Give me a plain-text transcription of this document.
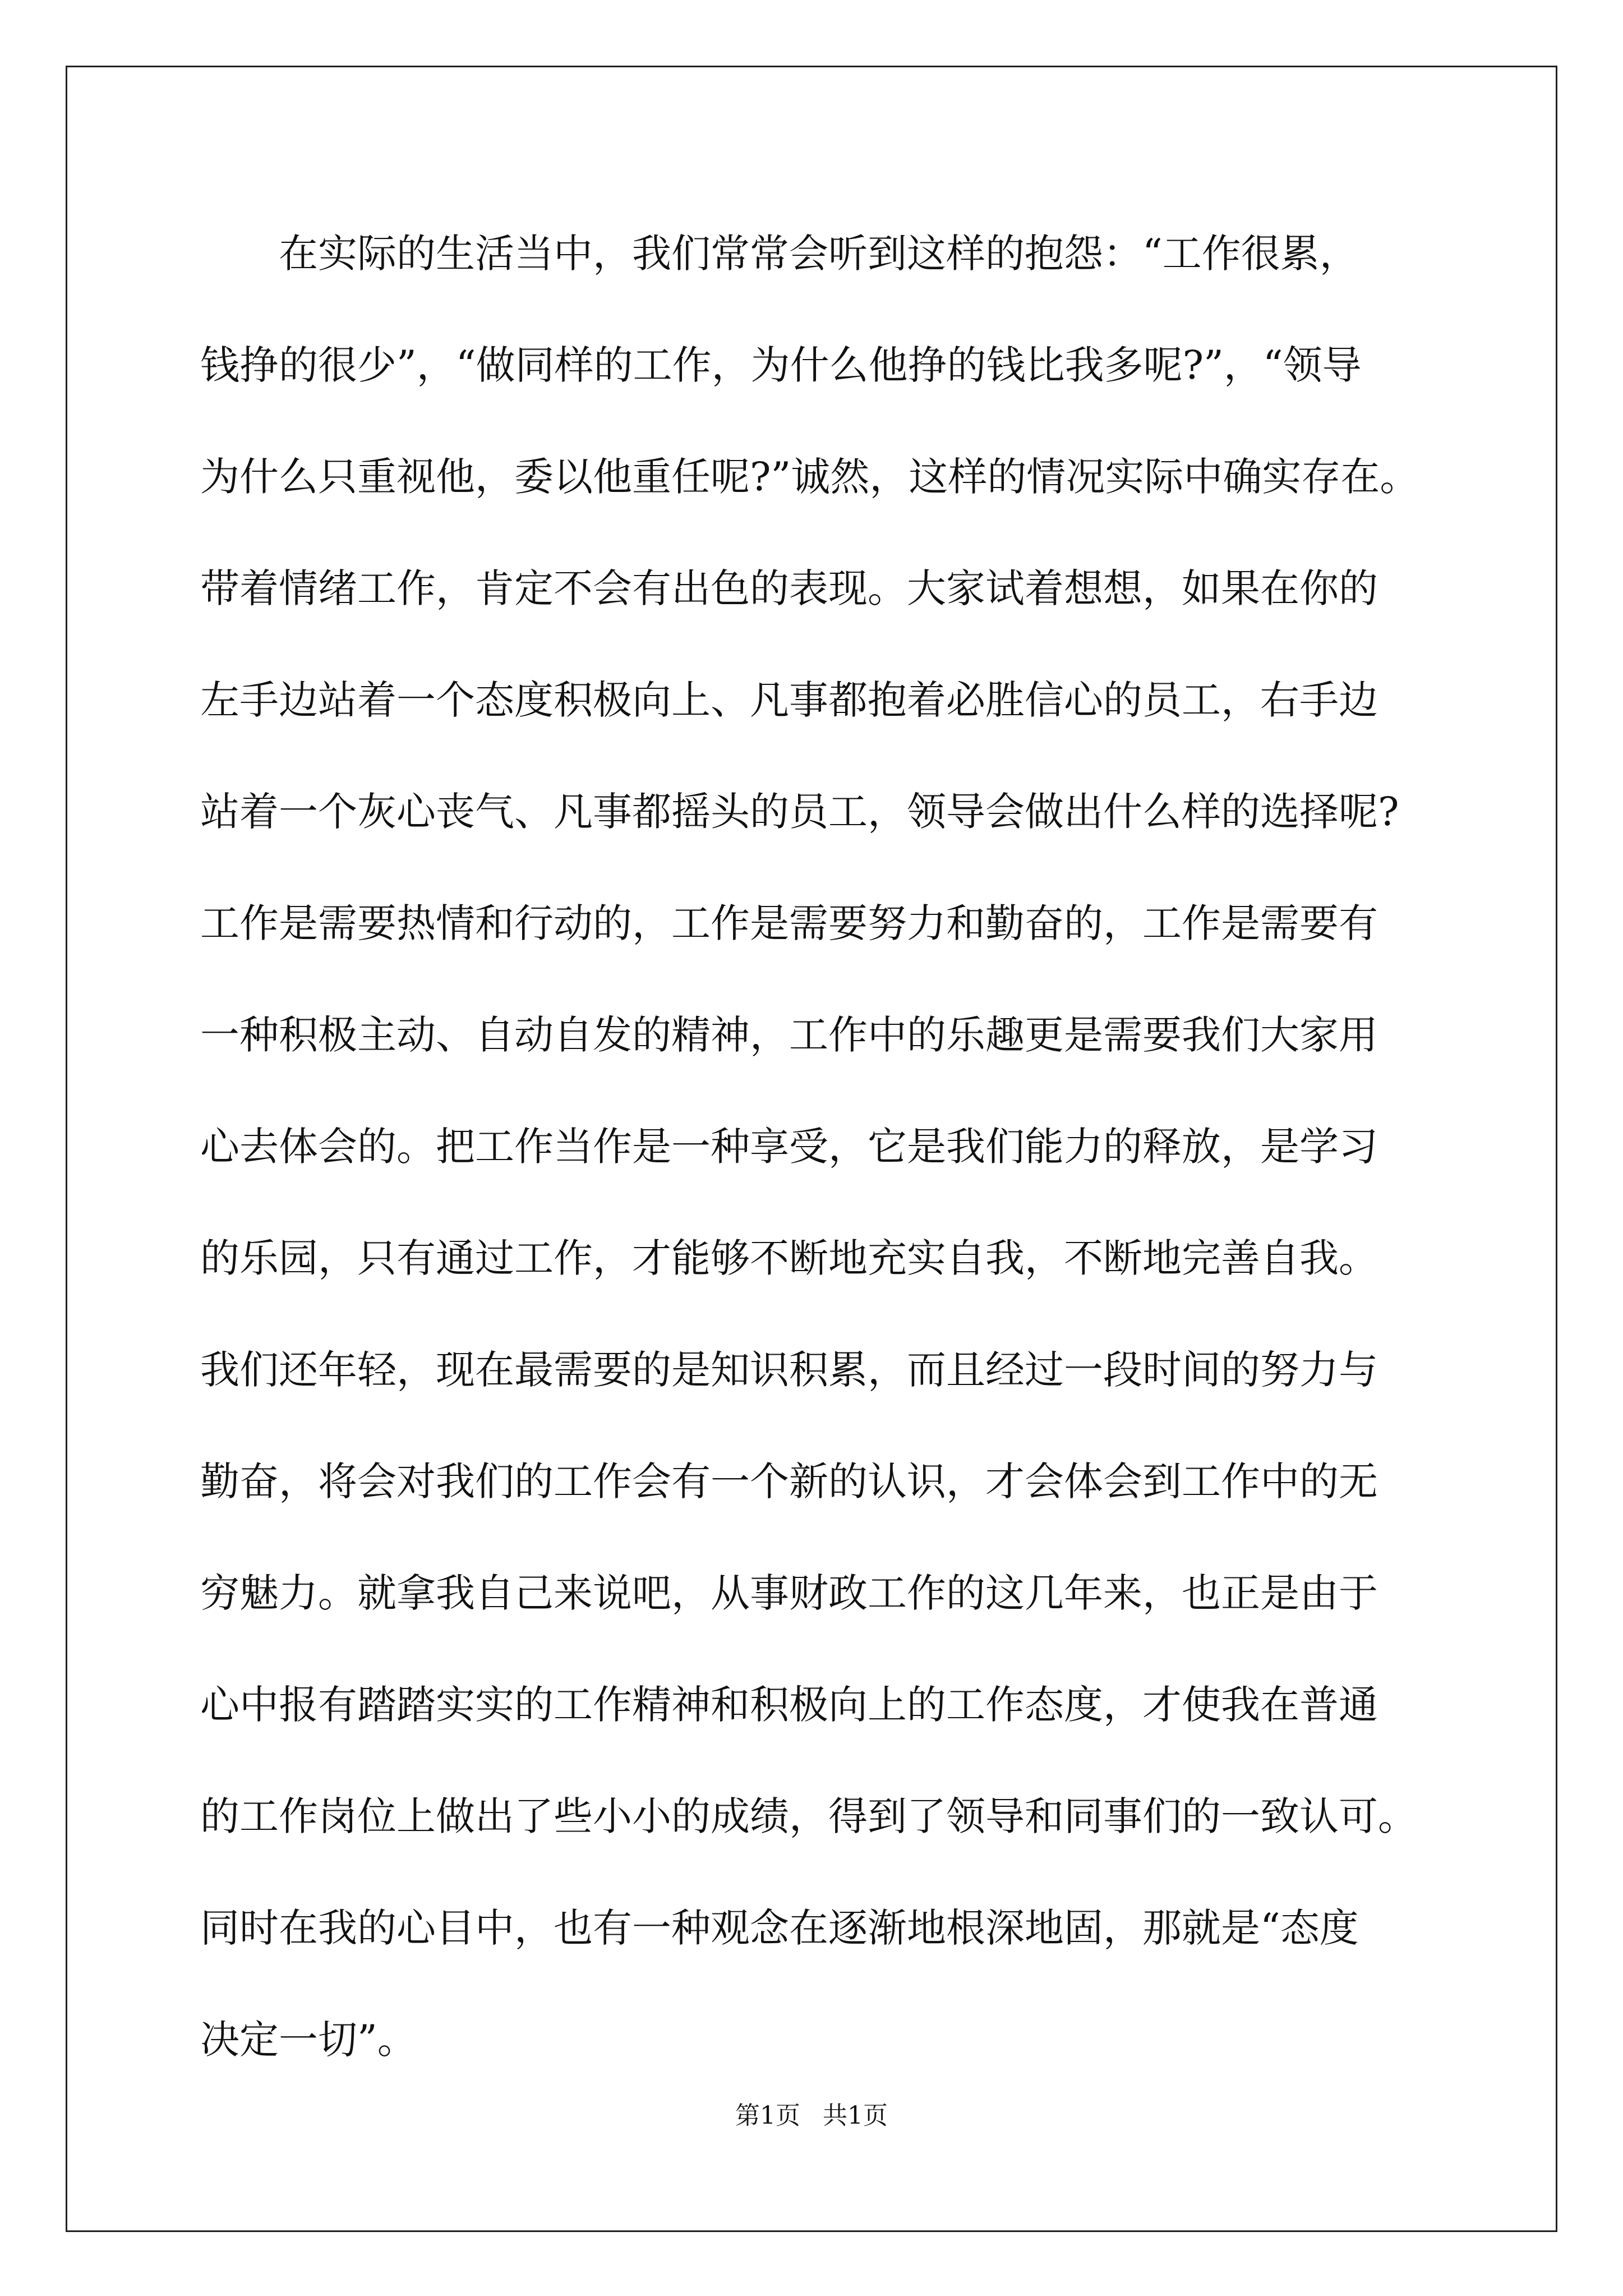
在实际的生活当中，我们常常会听到这样的抱怨：“工作很累，
钱挣的很少”，“做同样的工作，为什么他挣的钱比我多呢?”，“领导
为什么只重视他，委以他重任呢?”诚然，这样的情况实际中确实存在。
带着情绪工作，肯定不会有出色的表现。大家试着想想，如果在你的
左手边站着一个态度积极向上、凡事都抱着必胜信心的员工，右手边
站着一个灰心丧气、凡事都摇头的员工，领导会做出什么样的选择呢?
工作是需要热情和行动的，工作是需要努力和勤奋的，工作是需要有
一种积极主动、自动自发的精神，工作中的乐趣更是需要我们大家用
心去体会的。把工作当作是一种享受，它是我们能力的释放，是学习
的乐园，只有通过工作，才能够不断地充实自我，不断地完善自我。
我们还年轻，现在最需要的是知识积累，而且经过一段时间的努力与
勤奋，将会对我们的工作会有一个新的认识，才会体会到工作中的无
穷魅力。就拿我自己来说吧，从事财政工作的这几年来，也正是由于
心中报有踏踏实实的工作精神和积极向上的工作态度，才使我在普通
的工作岗位上做出了些小小的成绩，得到了领导和同事们的一致认可。
同时在我的心目中，也有一种观念在逐渐地根深地固，那就是“态度
决定一切”。
第1页 共1页
